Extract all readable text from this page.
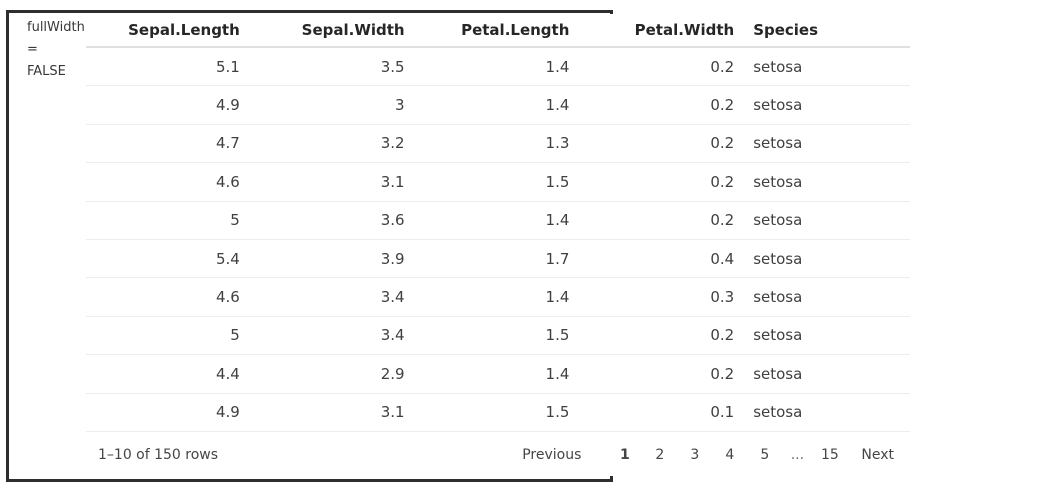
fullWidth
=
FALSE
Sepal.Length	Sepal.Width	Petal.Length	Petal.Width	Species
5.1	3.5	1.4	0.2	setosa
4.9	3	1.4	0.2	setosa
4.7	3.2	1.3	0.2	setosa
4.6	3.1	1.5	0.2	setosa
5	3.6	1.4	0.2	setosa
5.4	3.9	1.7	0.4	setosa
4.6	3.4	1.4	0.3	setosa
5	3.4	1.5	0.2	setosa
4.4	2.9	1.4	0.2	setosa
4.9	3.1	1.5	0.1	setosa
1–10 of 150 rows	Previous	1 2 3 4 5 ... 15	Next
